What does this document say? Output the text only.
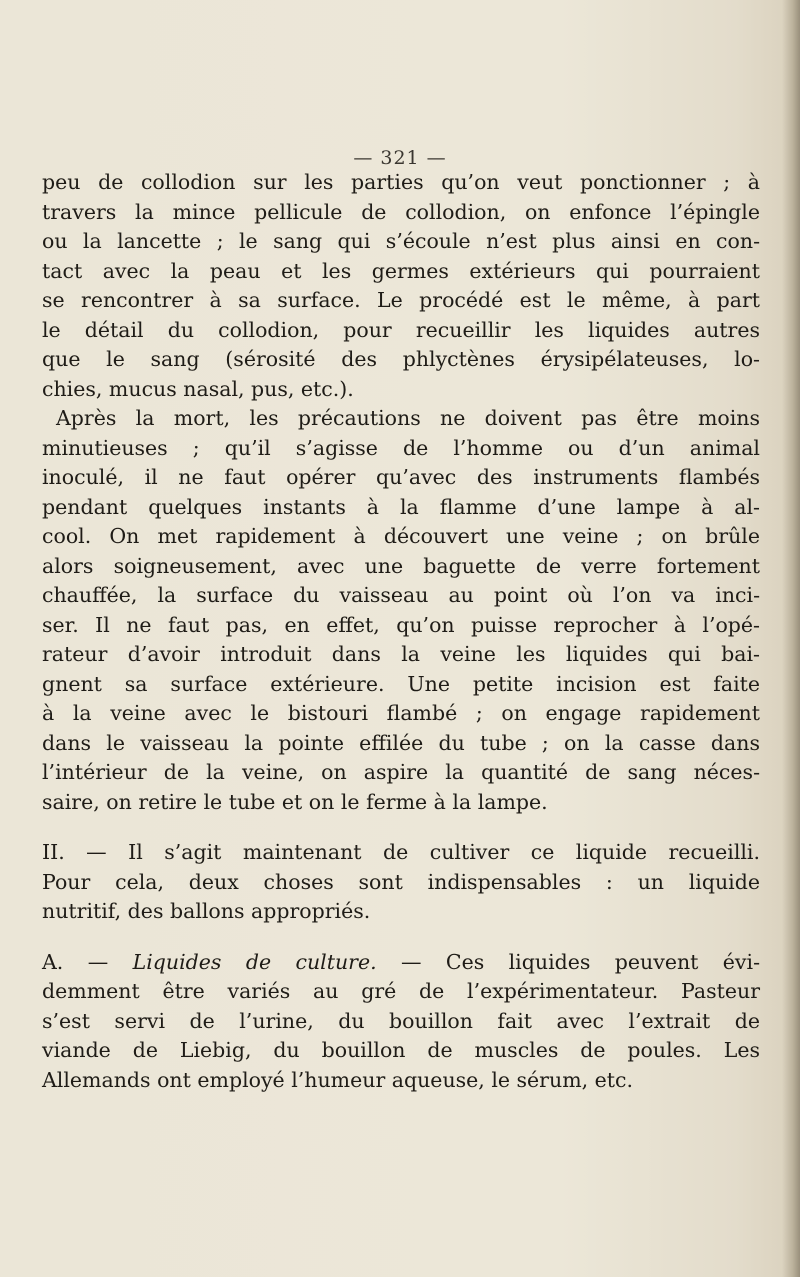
— 321 —
peu de collodion sur les parties qu’on veut ponctionner ; à
travers la mince pellicule de collodion, on enfonce l’épingle
ou la lancette ; le sang qui s’écoule n’est plus ainsi en con-
tact avec la peau et les germes extérieurs qui pourraient
se rencontrer à sa surface. Le procédé est le même, à part
le détail du collodion, pour recueillir les liquides autres
que le sang (sérosité des phlyctènes érysipélateuses, lo-
chies, mucus nasal, pus, etc.).
Après la mort, les précautions ne doivent pas être moins
minutieuses ; qu’il s’agisse de l’homme ou d’un animal
inoculé, il ne faut opérer qu’avec des instruments flambés
pendant quelques instants à la flamme d’une lampe à al-
cool. On met rapidement à découvert une veine ; on brûle
alors soigneusement, avec une baguette de verre fortement
chauffée, la surface du vaisseau au point où l’on va inci-
ser. Il ne faut pas, en effet, qu’on puisse reprocher à l’opé-
rateur d’avoir introduit dans la veine les liquides qui bai-
gnent sa surface extérieure. Une petite incision est faite
à la veine avec le bistouri flambé ; on engage rapidement
dans le vaisseau la pointe effilée du tube ; on la casse dans
l’intérieur de la veine, on aspire la quantité de sang néces-
saire, on retire le tube et on le ferme à la lampe.
II. — Il s’agit maintenant de cultiver ce liquide recueilli.
Pour cela, deux choses sont indispensables : un liquide
nutritif, des ballons appropriés.
A. — Liquides de culture. — Ces liquides peuvent évi-
demment être variés au gré de l’expérimentateur. Pasteur
s’est servi de l’urine, du bouillon fait avec l’extrait de
viande de Liebig, du bouillon de muscles de poules. Les
Allemands ont employé l’humeur aqueuse, le sérum, etc.
